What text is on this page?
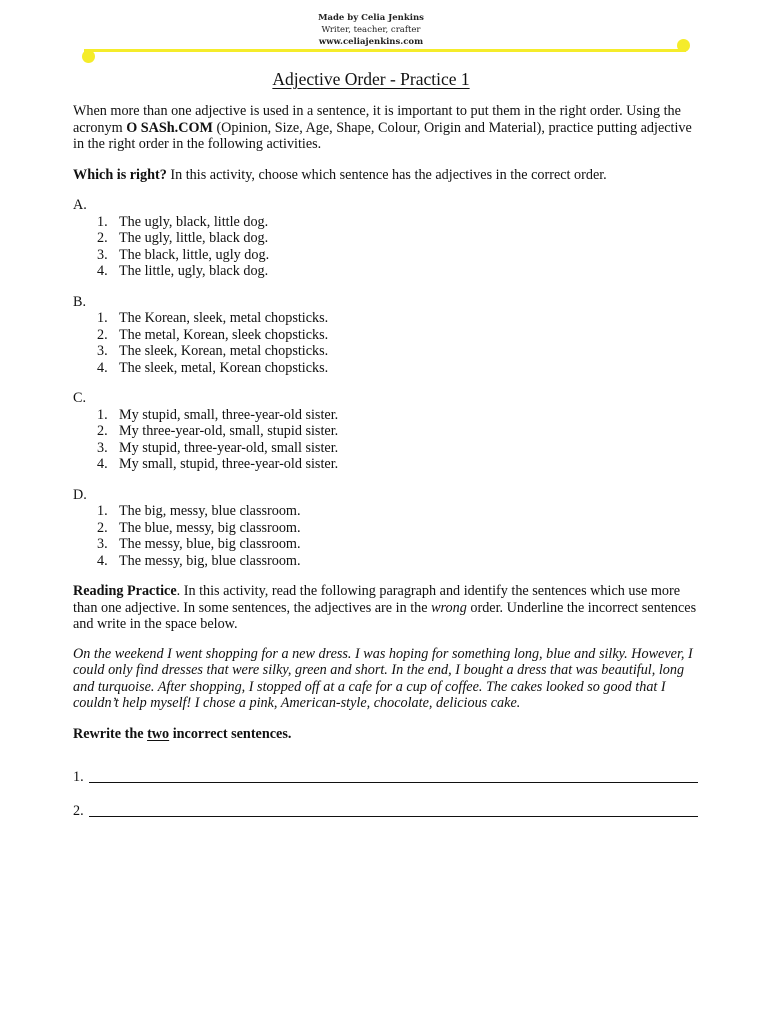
Made by Celia Jenkins
Writer, teacher, crafter
www.celiajenkins.com
Adjective Order - Practice 1

When more than one adjective is used in a sentence, it is important to put them in the right order. Using the acronym O SASh.COM (Opinion, Size, Age, Shape, Colour, Origin and Material), practice putting adjective in the right order in the following activities.

Which is right? In this activity, choose which sentence has the adjectives in the correct order.

A.

1. The ugly, black, little dog.
2. The ugly, little, black dog.
3. The black, little, ugly dog.
4. The little, ugly, black dog.

B.

1. The Korean, sleek, metal chopsticks.
2. The metal, Korean, sleek chopsticks.
3. The sleek, Korean, metal chopsticks.
4. The sleek, metal, Korean chopsticks.

C.

1. My stupid, small, three-year-old sister.
2. My three-year-old, small, stupid sister.
3. My stupid, three-year-old, small sister.
4. My small, stupid, three-year-old sister.

D.

1. The big, messy, blue classroom.
2. The blue, messy, big classroom.
3. The messy, blue, big classroom.
4. The messy, big, blue classroom.

Reading Practice. In this activity, read the following paragraph and identify the sentences which use more than one adjective. In some sentences, the adjectives are in the wrong order. Underline the incorrect sentences and write in the space below.

On the weekend I went shopping for a new dress. I was hoping for something long, blue and silky. However, I could only find dresses that were silky, green and short. In the end, I bought a dress that was beautiful, long and turquoise. After shopping, I stopped off at a cafe for a cup of coffee. The cakes looked so good that I couldn’t help myself! I chose a pink, American-style, chocolate, delicious cake.

Rewrite the two incorrect sentences.

1.
2.
